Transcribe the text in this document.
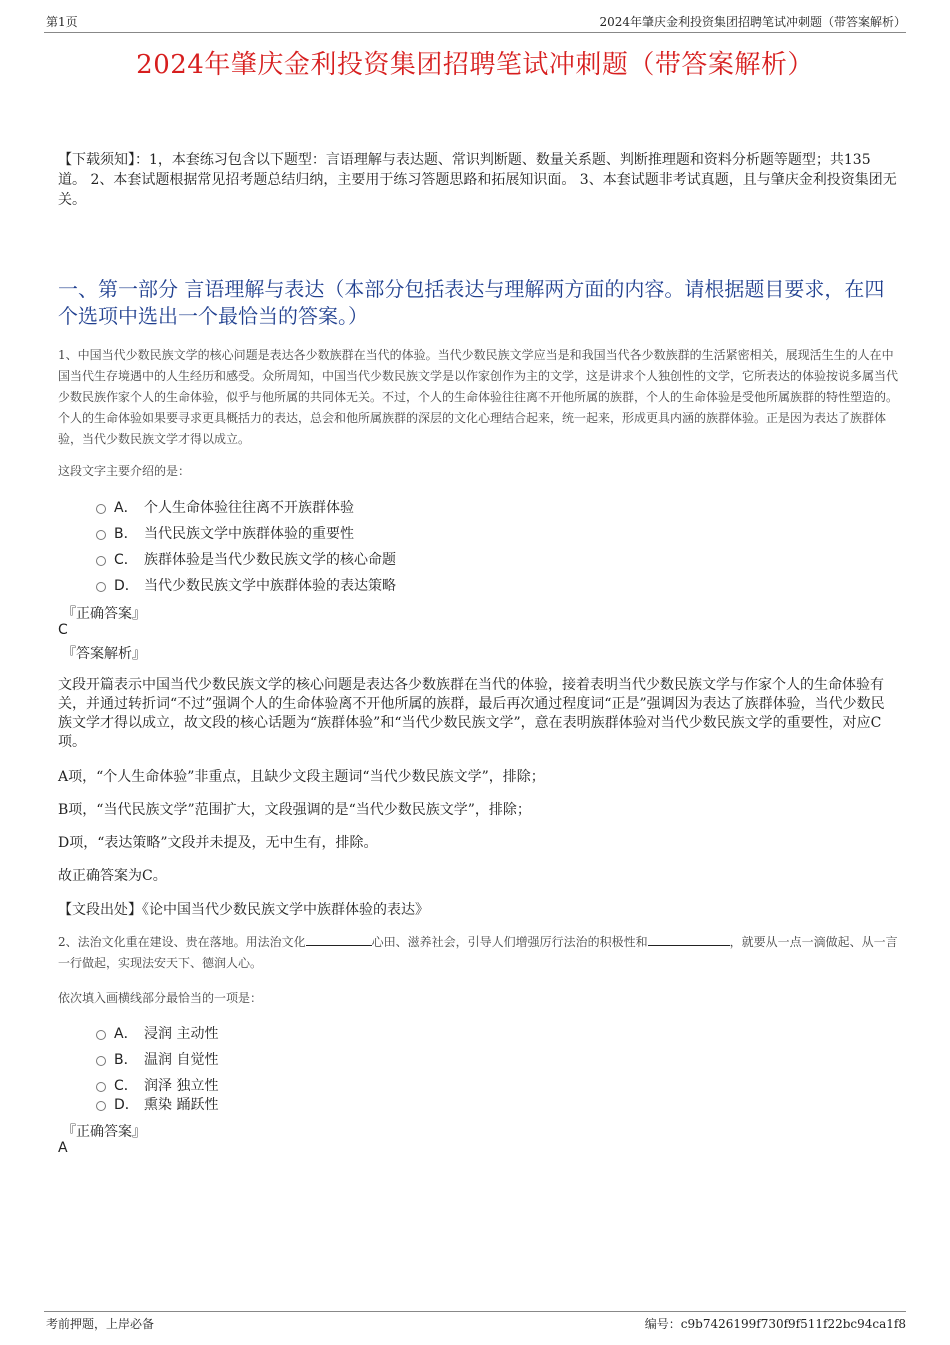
第1页	2024年肇庆金利投资集团招聘笔试冲刺题（带答案解析）
2024年肇庆金利投资集团招聘笔试冲刺题（带答案解析）
【下载须知】：1，本套练习包含以下题型：言语理解与表达题、常识判断题、数量关系题、判断推理题和资料分析题等题型；共135道。 2、本套试题根据常见招考题总结归纳，主要用于练习答题思路和拓展知识面。 3、本套试题非考试真题，且与肇庆金利投资集团无关。
一、第一部分 言语理解与表达（本部分包括表达与理解两方面的内容。请根据题目要求，在四个选项中选出一个最恰当的答案。）
1、中国当代少数民族文学的核心问题是表达各少数族群在当代的体验。当代少数民族文学应当是和我国当代各少数族群的生活紧密相关，展现活生生的人在中国当代生存境遇中的人生经历和感受。众所周知，中国当代少数民族文学是以作家创作为主的文学，这是讲求个人独创性的文学，它所表达的体验按说多属当代少数民族作家个人的生命体验，似乎与他所属的共同体无关。不过，个人的生命体验往往离不开他所属的族群，个人的生命体验是受他所属族群的特性塑造的。个人的生命体验如果要寻求更具概括力的表达，总会和他所属族群的深层的文化心理结合起来，统一起来，形成更具内涵的族群体验。正是因为表达了族群体验，当代少数民族文学才得以成立。
这段文字主要介绍的是：
A． 个人生命体验往往离不开族群体验
B． 当代民族文学中族群体验的重要性
C． 族群体验是当代少数民族文学的核心命题
D． 当代少数民族文学中族群体验的表达策略
『正确答案』
C
『答案解析』
文段开篇表示中国当代少数民族文学的核心问题是表达各少数族群在当代的体验，接着表明当代少数民族文学与作家个人的生命体验有关，并通过转折词“不过”强调个人的生命体验离不开他所属的族群，最后再次通过程度词“正是”强调因为表达了族群体验，当代少数民族文学才得以成立，故文段的核心话题为“族群体验”和“当代少数民族文学”，意在表明族群体验对当代少数民族文学的重要性，对应C项。
A项，“个人生命体验”非重点，且缺少文段主题词“当代少数民族文学”，排除；
B项，“当代民族文学”范围扩大，文段强调的是“当代少数民族文学”，排除；
D项，“表达策略”文段并未提及，无中生有，排除。
故正确答案为C。
【文段出处】《论中国当代少数民族文学中族群体验的表达》
2、法治文化重在建设、贵在落地。用法治文化	心田、滋养社会，引导人们增强厉行法治的积极性和	，就要从一点一滴做起、从一言一行做起，实现法安天下、德润人心。
依次填入画横线部分最恰当的一项是：
A． 浸润 主动性
B． 温润 自觉性
C． 润泽 独立性
D． 熏染 踊跃性
『正确答案』
A
考前押题，上岸必备	编号：c9b7426199f730f9f511f22bc94ca1f8
